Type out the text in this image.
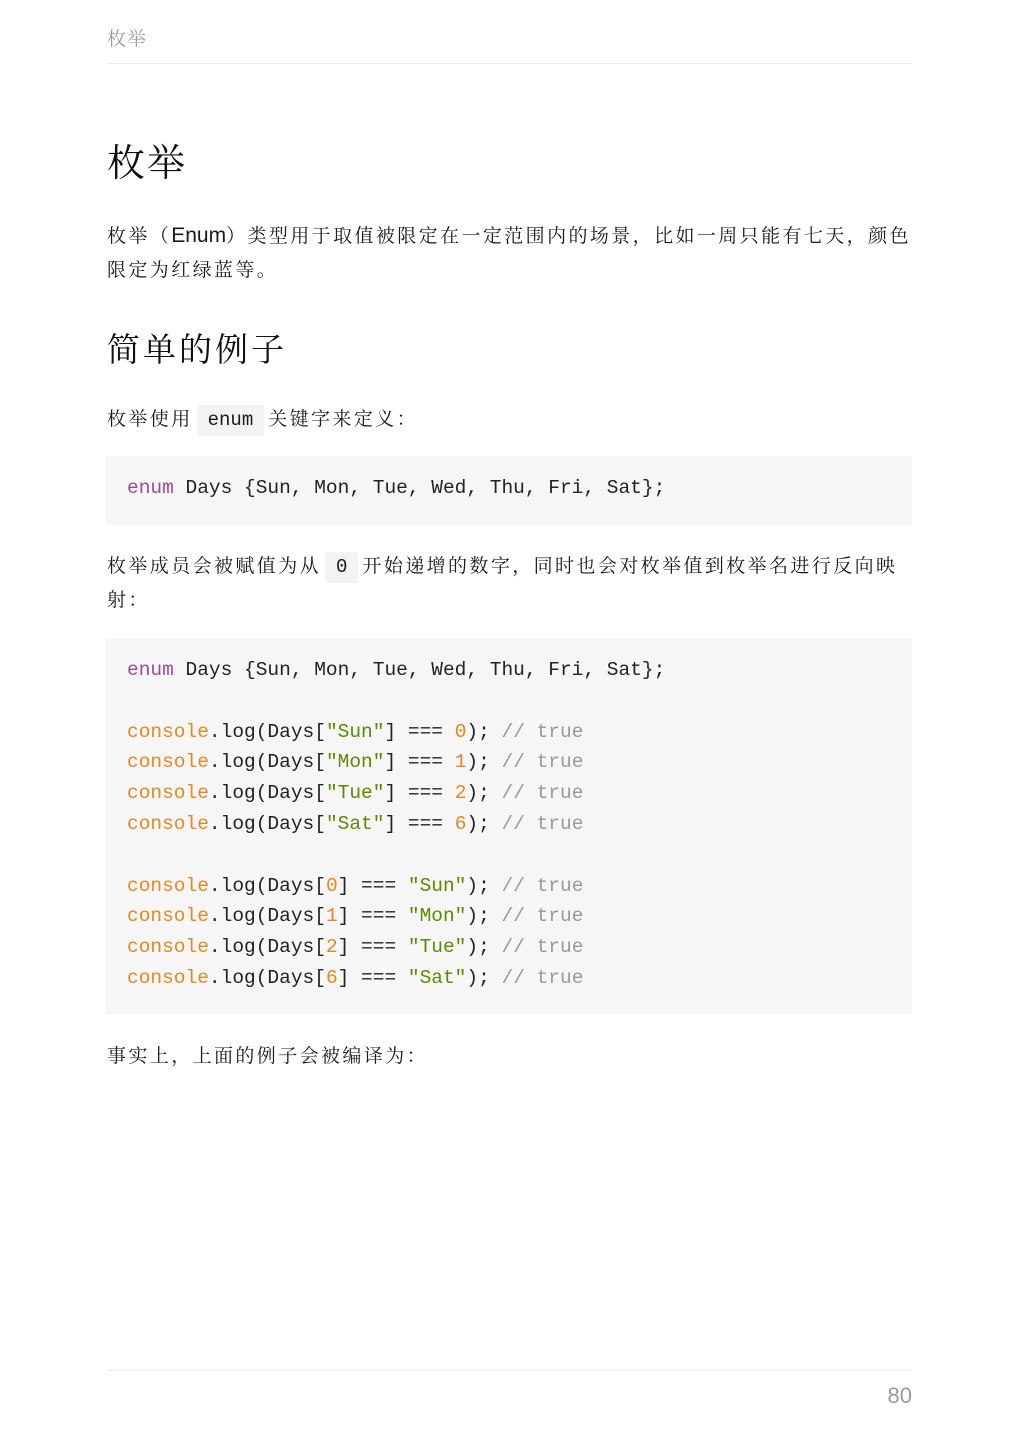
枚举
枚举

枚举（Enum）类型用于取值被限定在一定范围内的场景，比如一周只能有七天，颜色限定为红绿蓝等。

简单的例子

枚举使用 enum 关键字来定义：

enum Days {Sun, Mon, Tue, Wed, Thu, Fri, Sat};

枚举成员会被赋值为从 0 开始递增的数字，同时也会对枚举值到枚举名进行反向映射：

enum Days {Sun, Mon, Tue, Wed, Thu, Fri, Sat};

console.log(Days["Sun"] === 0); // true
console.log(Days["Mon"] === 1); // true
console.log(Days["Tue"] === 2); // true
console.log(Days["Sat"] === 6); // true

console.log(Days[0] === "Sun"); // true
console.log(Days[1] === "Mon"); // true
console.log(Days[2] === "Tue"); // true
console.log(Days[6] === "Sat"); // true

事实上，上面的例子会被编译为：

80
